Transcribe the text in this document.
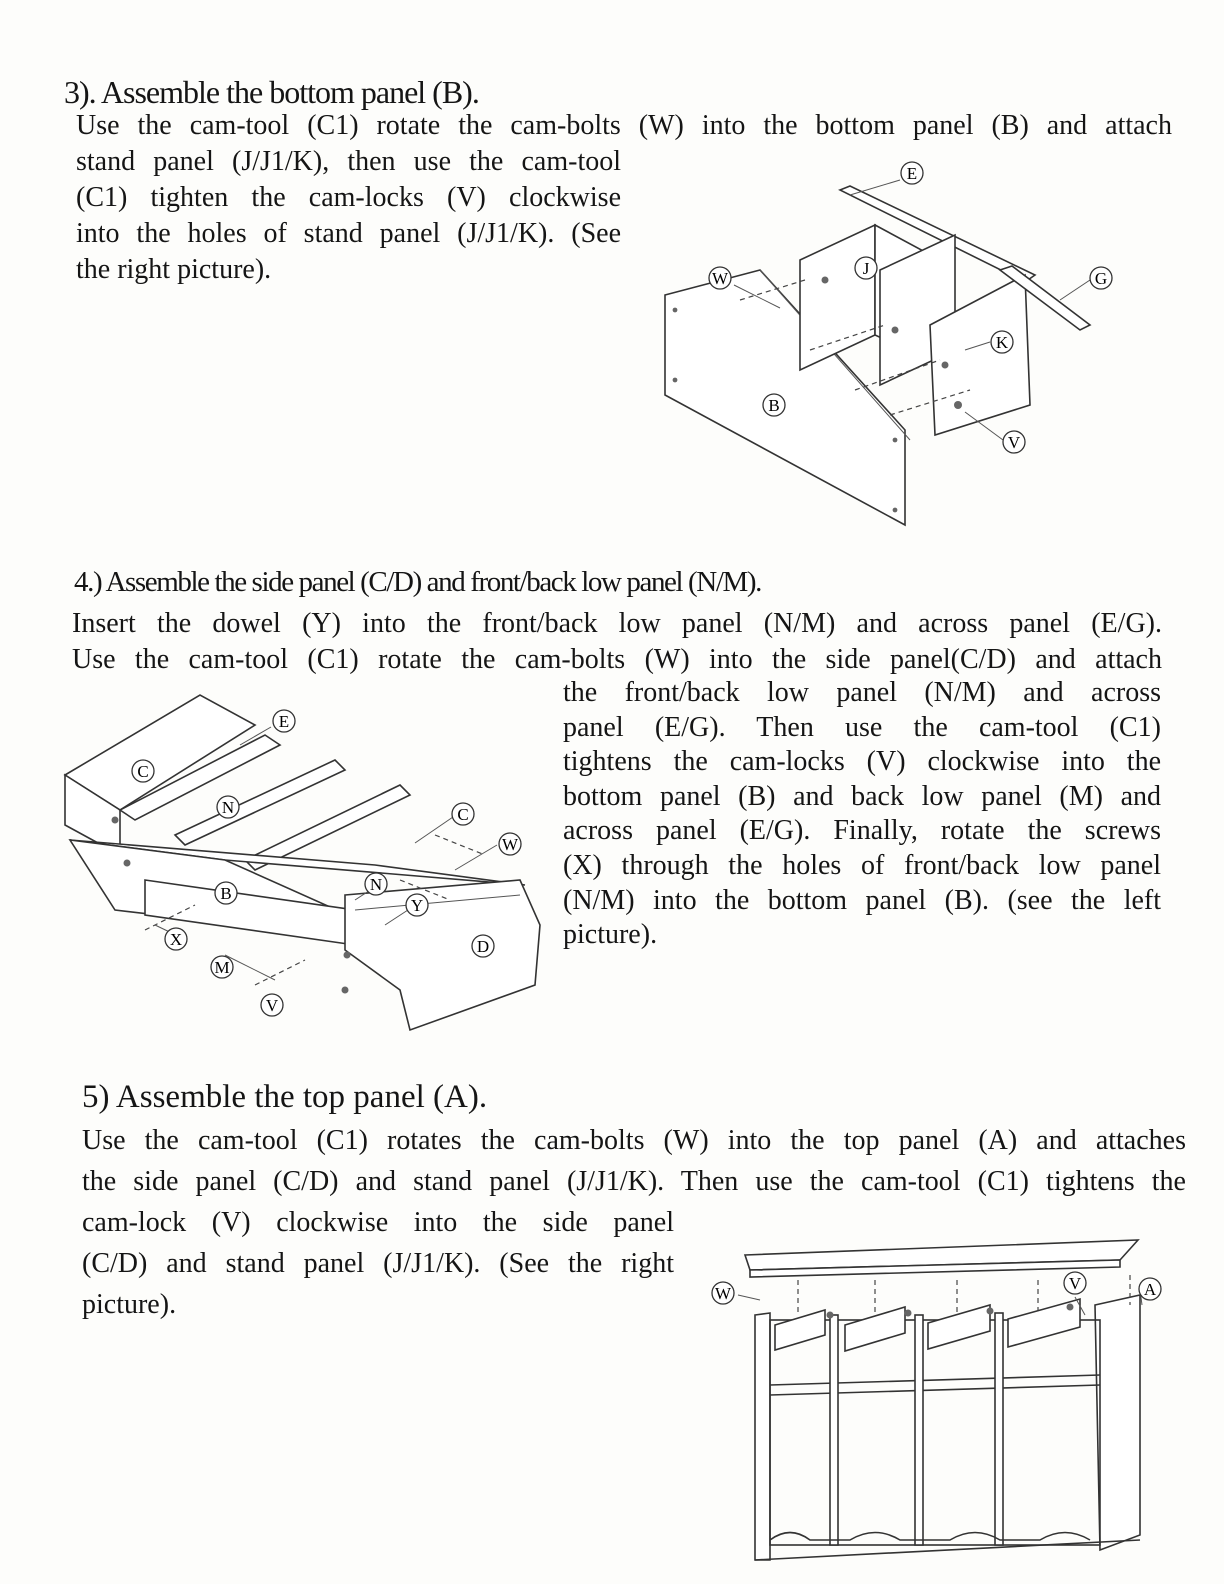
3). Assemble the bottom panel (B).
Use the cam-tool (C1) rotate the cam-bolts (W) into the bottom panel (B) and attach
stand panel (J/J1/K), then use the cam-tool
(C1) tighten the cam-locks (V) clockwise
into the holes of stand panel (J/J1/K). (See
the right picture).	W
E
J
G
K
B
V
4.) Assemble the side panel (C/D) and front/back low panel (N/M).
Insert the dowel (Y) into the front/back low panel (N/M) and across panel (E/G).
Use the cam-tool (C1) rotate the cam-bolts (W) into the side panel(C/D) and attach
the front/back low panel (N/M) and across
panel (E/G). Then use the cam-tool (C1)
tightens the cam-locks (V) clockwise into the
bottom panel (B) and back low panel (M) and
across panel (E/G). Finally, rotate the screws
(X) through the holes of front/back low panel
(N/M) into the bottom panel (B). (see the left
picture).
E
C
N	C
W
B	N
Y
X	D
M
V
5) Assemble the top panel (A).
Use the cam-tool (C1) rotates the cam-bolts (W) into the top panel (A) and attaches
the side panel (C/D) and stand panel (J/J1/K). Then use the cam-tool (C1) tightens the
cam-lock (V) clockwise into the side panel
(C/D) and stand panel (J/J1/K). (See the right
picture).	W
V	A
